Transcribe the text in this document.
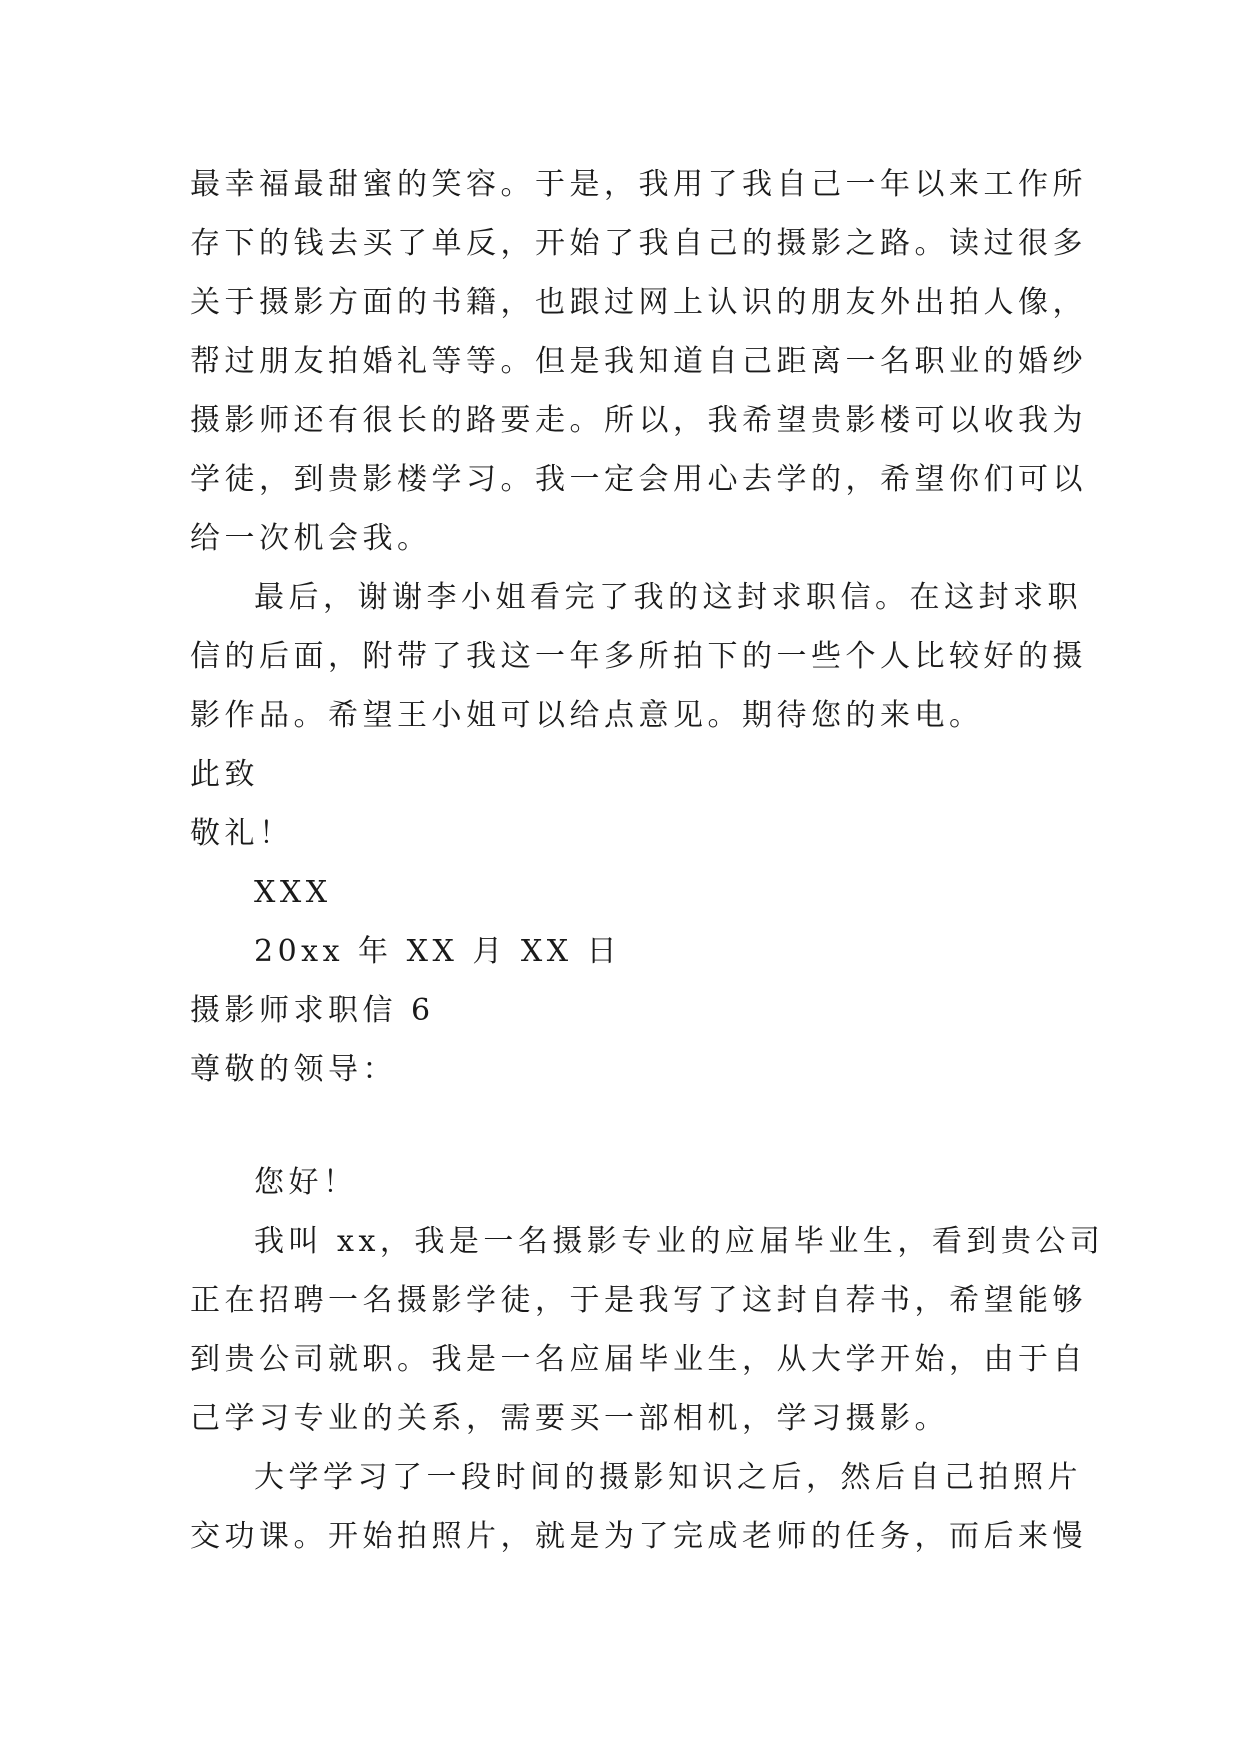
最幸福最甜蜜的笑容。于是，我用了我自己一年以来工作所
存下的钱去买了单反，开始了我自己的摄影之路。读过很多
关于摄影方面的书籍，也跟过网上认识的朋友外出拍人像，
帮过朋友拍婚礼等等。但是我知道自己距离一名职业的婚纱
摄影师还有很长的路要走。所以，我希望贵影楼可以收我为
学徒，到贵影楼学习。我一定会用心去学的，希望你们可以
给一次机会我。
最后，谢谢李小姐看完了我的这封求职信。在这封求职
信的后面，附带了我这一年多所拍下的一些个人比较好的摄
影作品。希望王小姐可以给点意见。期待您的来电。
此致
敬礼！
XXX
20xx 年 XX 月 XX 日
摄影师求职信 6
尊敬的领导：
您好！
我叫 xx，我是一名摄影专业的应届毕业生，看到贵公司
正在招聘一名摄影学徒，于是我写了这封自荐书，希望能够
到贵公司就职。我是一名应届毕业生，从大学开始，由于自
己学习专业的关系，需要买一部相机，学习摄影。
大学学习了一段时间的摄影知识之后，然后自己拍照片
交功课。开始拍照片，就是为了完成老师的任务，而后来慢
